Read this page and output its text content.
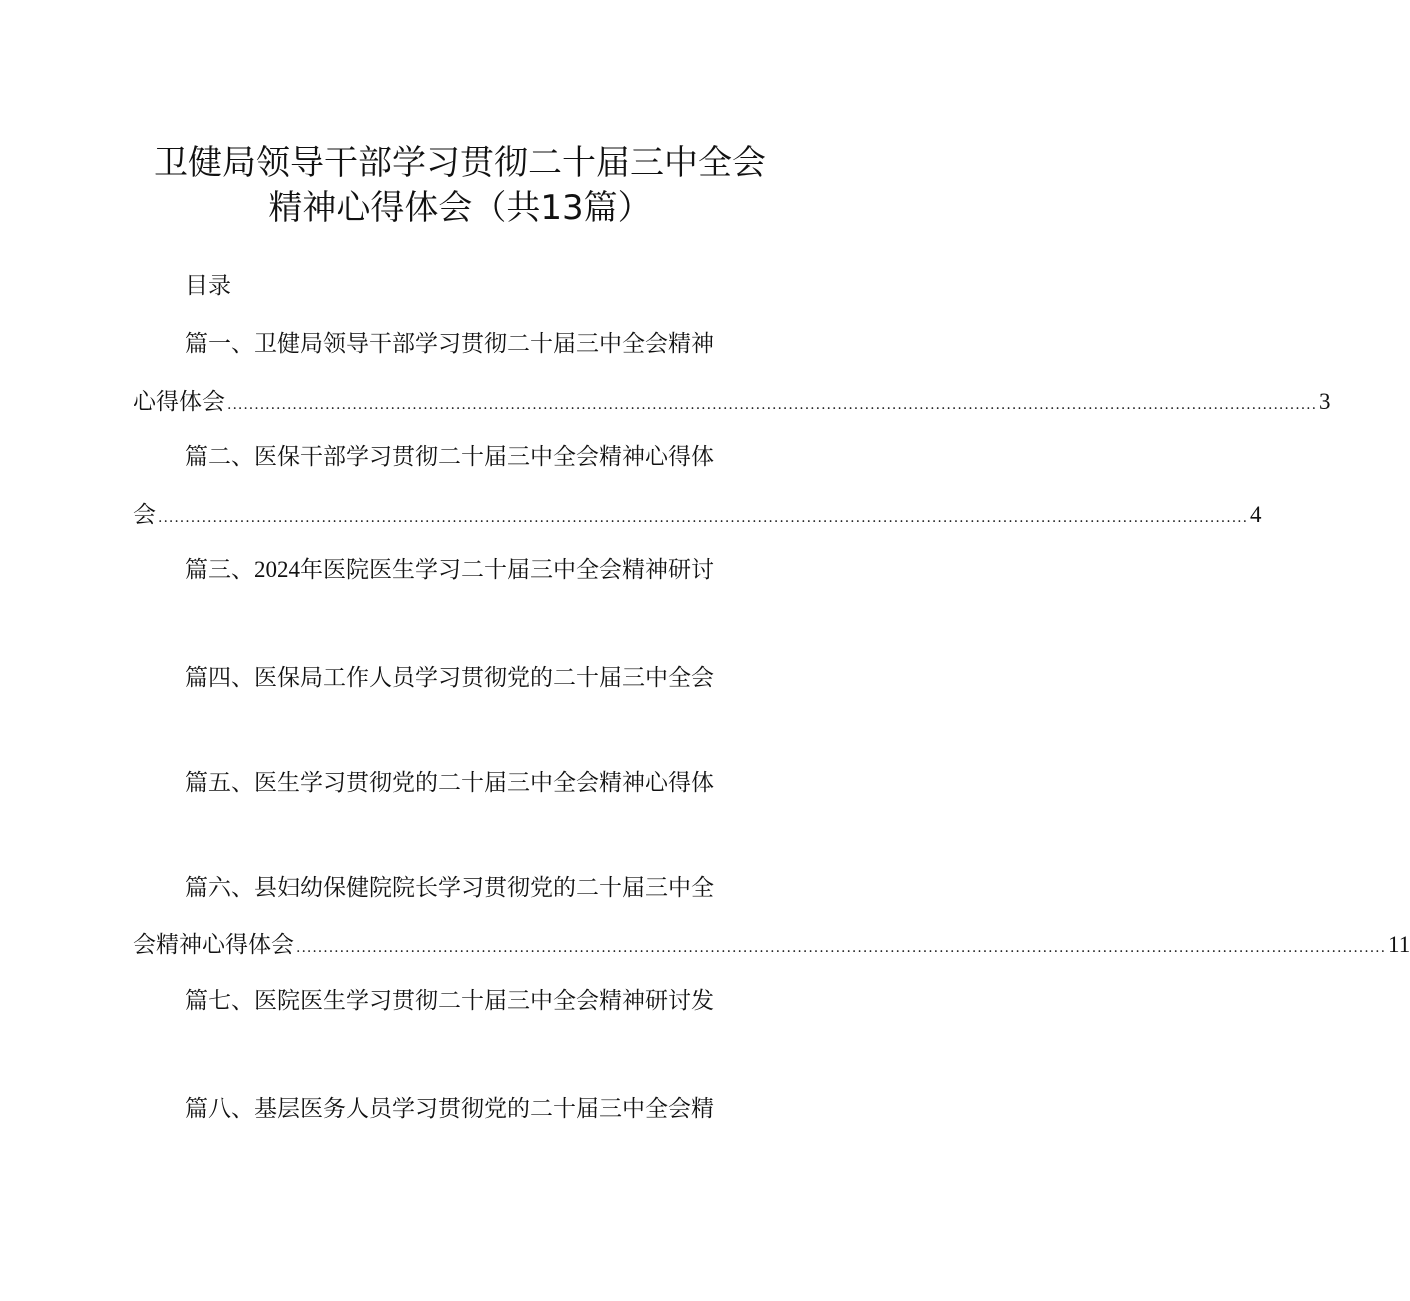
卫健局领导干部学习贯彻二十届三中全会
精神心得体会（共13篇）
目录
篇一、卫健局领导干部学习贯彻二十届三中全会精神
心得体会 ........................................................................................................................................................................................................ 3
篇二、医保干部学习贯彻二十届三中全会精神心得体
会 ........................................................................................................................................................................................................ 4
篇三、2024年医院医生学习二十届三中全会精神研讨
篇四、医保局工作人员学习贯彻党的二十届三中全会
篇五、医生学习贯彻党的二十届三中全会精神心得体
篇六、县妇幼保健院院长学习贯彻党的二十届三中全
会精神心得体会 ........................................................................................................................................................................................................ 11
篇七、医院医生学习贯彻二十届三中全会精神研讨发
篇八、基层医务人员学习贯彻党的二十届三中全会精
